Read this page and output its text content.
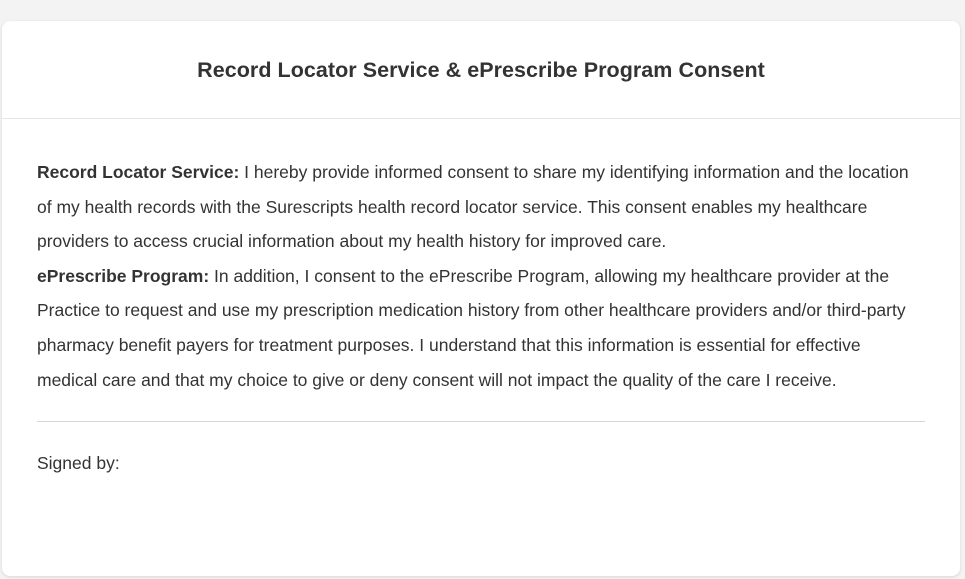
Record Locator Service & ePrescribe Program Consent

Record Locator Service: I hereby provide informed consent to share my identifying information and the location of my health records with the Surescripts health record locator service. This consent enables my healthcare providers to access crucial information about my health history for improved care.
ePrescribe Program: In addition, I consent to the ePrescribe Program, allowing my healthcare provider at the Practice to request and use my prescription medication history from other healthcare providers and/or third-party pharmacy benefit payers for treatment purposes. I understand that this information is essential for effective medical care and that my choice to give or deny consent will not impact the quality of the care I receive.

Signed by:
